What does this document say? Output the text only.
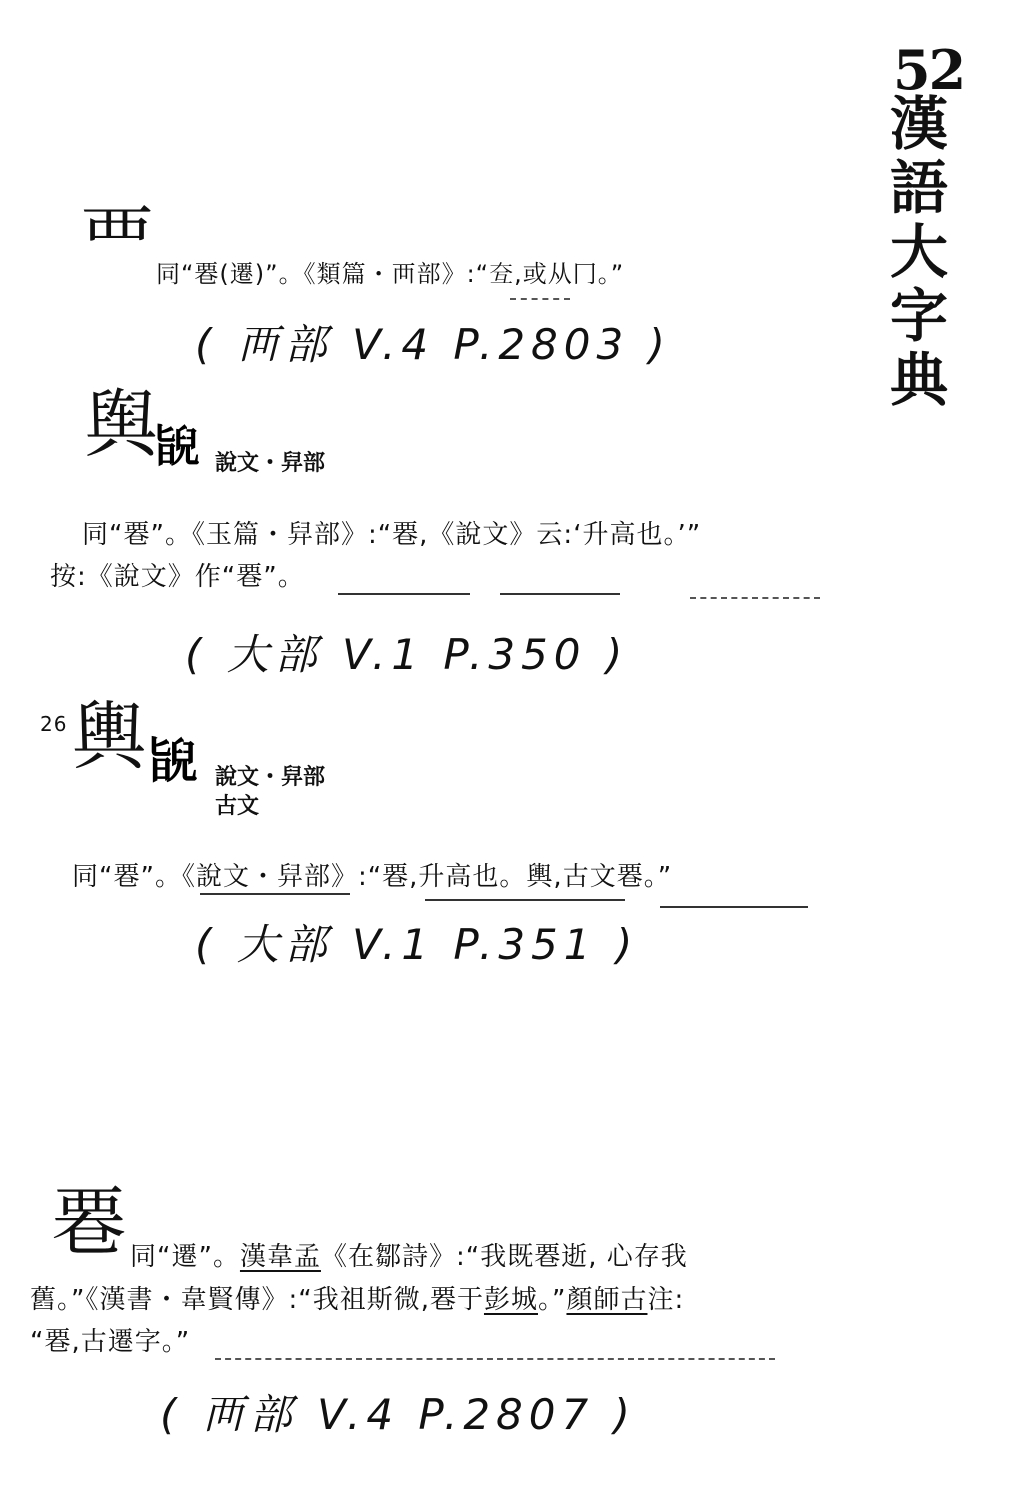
52
漢
語
大
字
典
覀 同“䙴(遷)”。《類篇・襾部》:“𡗨,或从冂。”
( 襾部 V.4 P.2803 )
舆
𦦃 說文・舁部
同“䙴”。《玉篇・舁部》:“䙴,《說文》云:‘升高也。’”
按:《說文》作“䙴”。
( 大部 V.1 P.350 )
26 輿 𦦃 說文・舁部
古文
同“䙴”。《說文・舁部》:“䙴,升高也。輿,古文䙴。”
( 大部 V.1 P.351 )
䙴 同“遷”。漢韋孟《在鄒詩》:“我既䙴逝, 心存我
舊。”《漢書・韋賢傳》:“我祖斯微,䙴于彭城。”顏師古注:
“䙴,古遷字。”
( 襾部 V.4 P.2807 )
